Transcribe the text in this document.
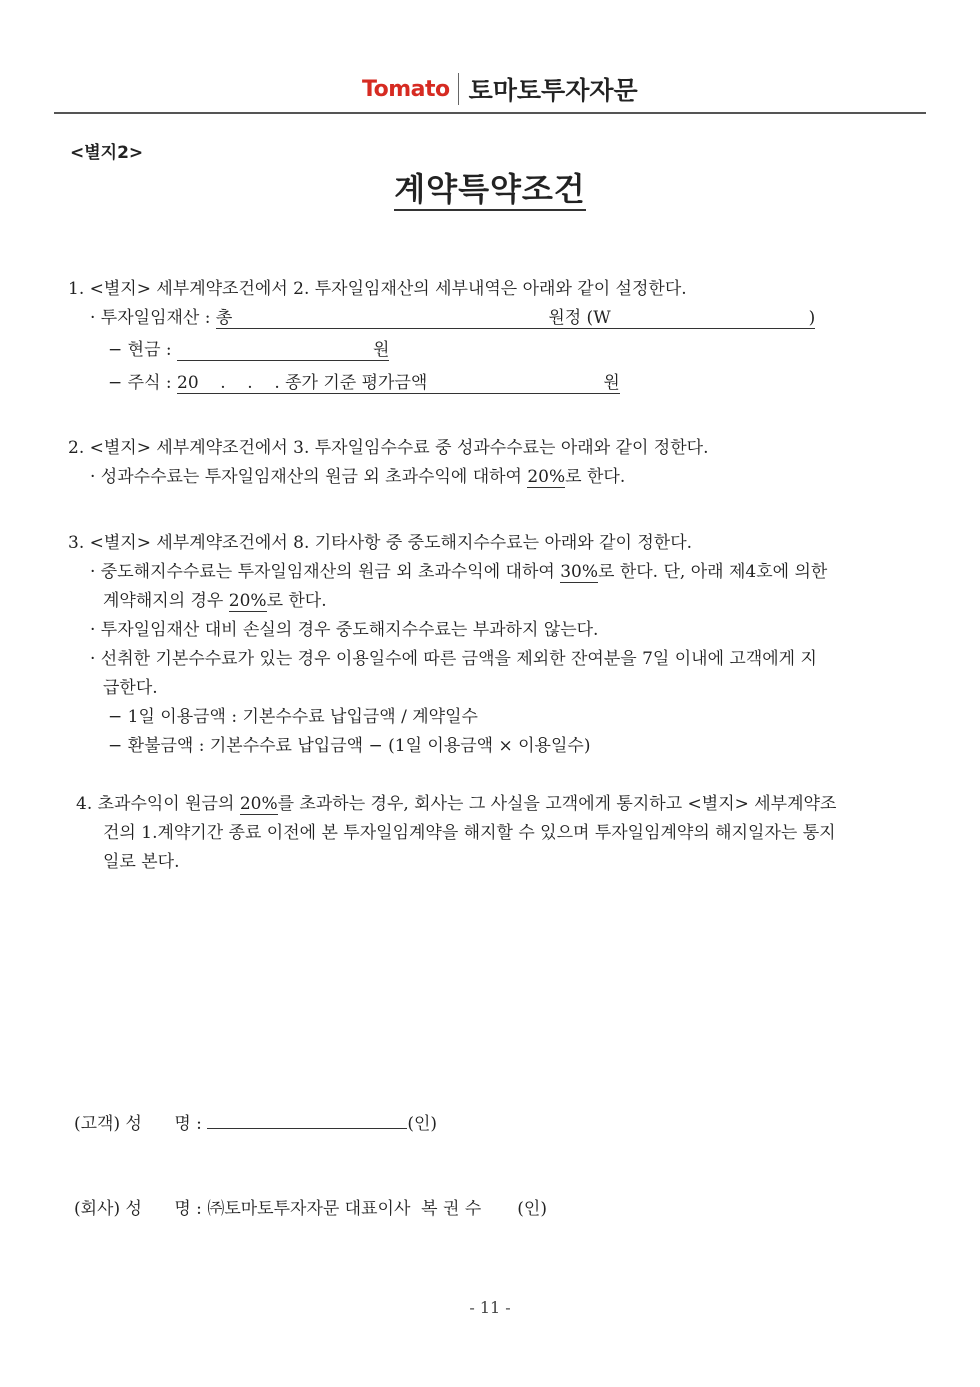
Tomato 토마토투자자문
<별지2>
계약특약조건
1. <별지> 세부계약조건에서 2. 투자일임재산의 세부내역은 아래와 같이 설정한다.
· 투자일임재산 : 총	원정 (W	)
− 현금 :	원
− 주식 : 20    .    .    . 종가 기준 평가금액	원
2. <별지> 세부계약조건에서 3. 투자일임수수료 중 성과수수료는 아래와 같이 정한다.
· 성과수수료는 투자일임재산의 원금 외 초과수익에 대하여 20%로 한다.
3. <별지> 세부계약조건에서 8. 기타사항 중 중도해지수수료는 아래와 같이 정한다.
· 중도해지수수료는 투자일임재산의 원금 외 초과수익에 대하여 30%로 한다. 단, 아래 제4호에 의한
계약해지의 경우 20%로 한다.
· 투자일임재산 대비 손실의 경우 중도해지수수료는 부과하지 않는다.
· 선취한 기본수수료가 있는 경우 이용일수에 따른 금액을 제외한 잔여분을 7일 이내에 고객에게 지
급한다.
− 1일 이용금액 : 기본수수료 납입금액 / 계약일수
− 환불금액 : 기본수수료 납입금액 − (1일 이용금액 × 이용일수)
4. 초과수익이 원금의 20%를 초과하는 경우, 회사는 그 사실을 고객에게 통지하고 <별지> 세부계약조
건의 1.계약기간 종료 이전에 본 투자일임계약을 해지할 수 있으며 투자일임계약의 해지일자는 통지
일로 본다.
(고객) 성      명 :	(인)
(회사) 성      명 : ㈜토마토투자자문 대표이사  복 권 수 (인)
- 11 -
